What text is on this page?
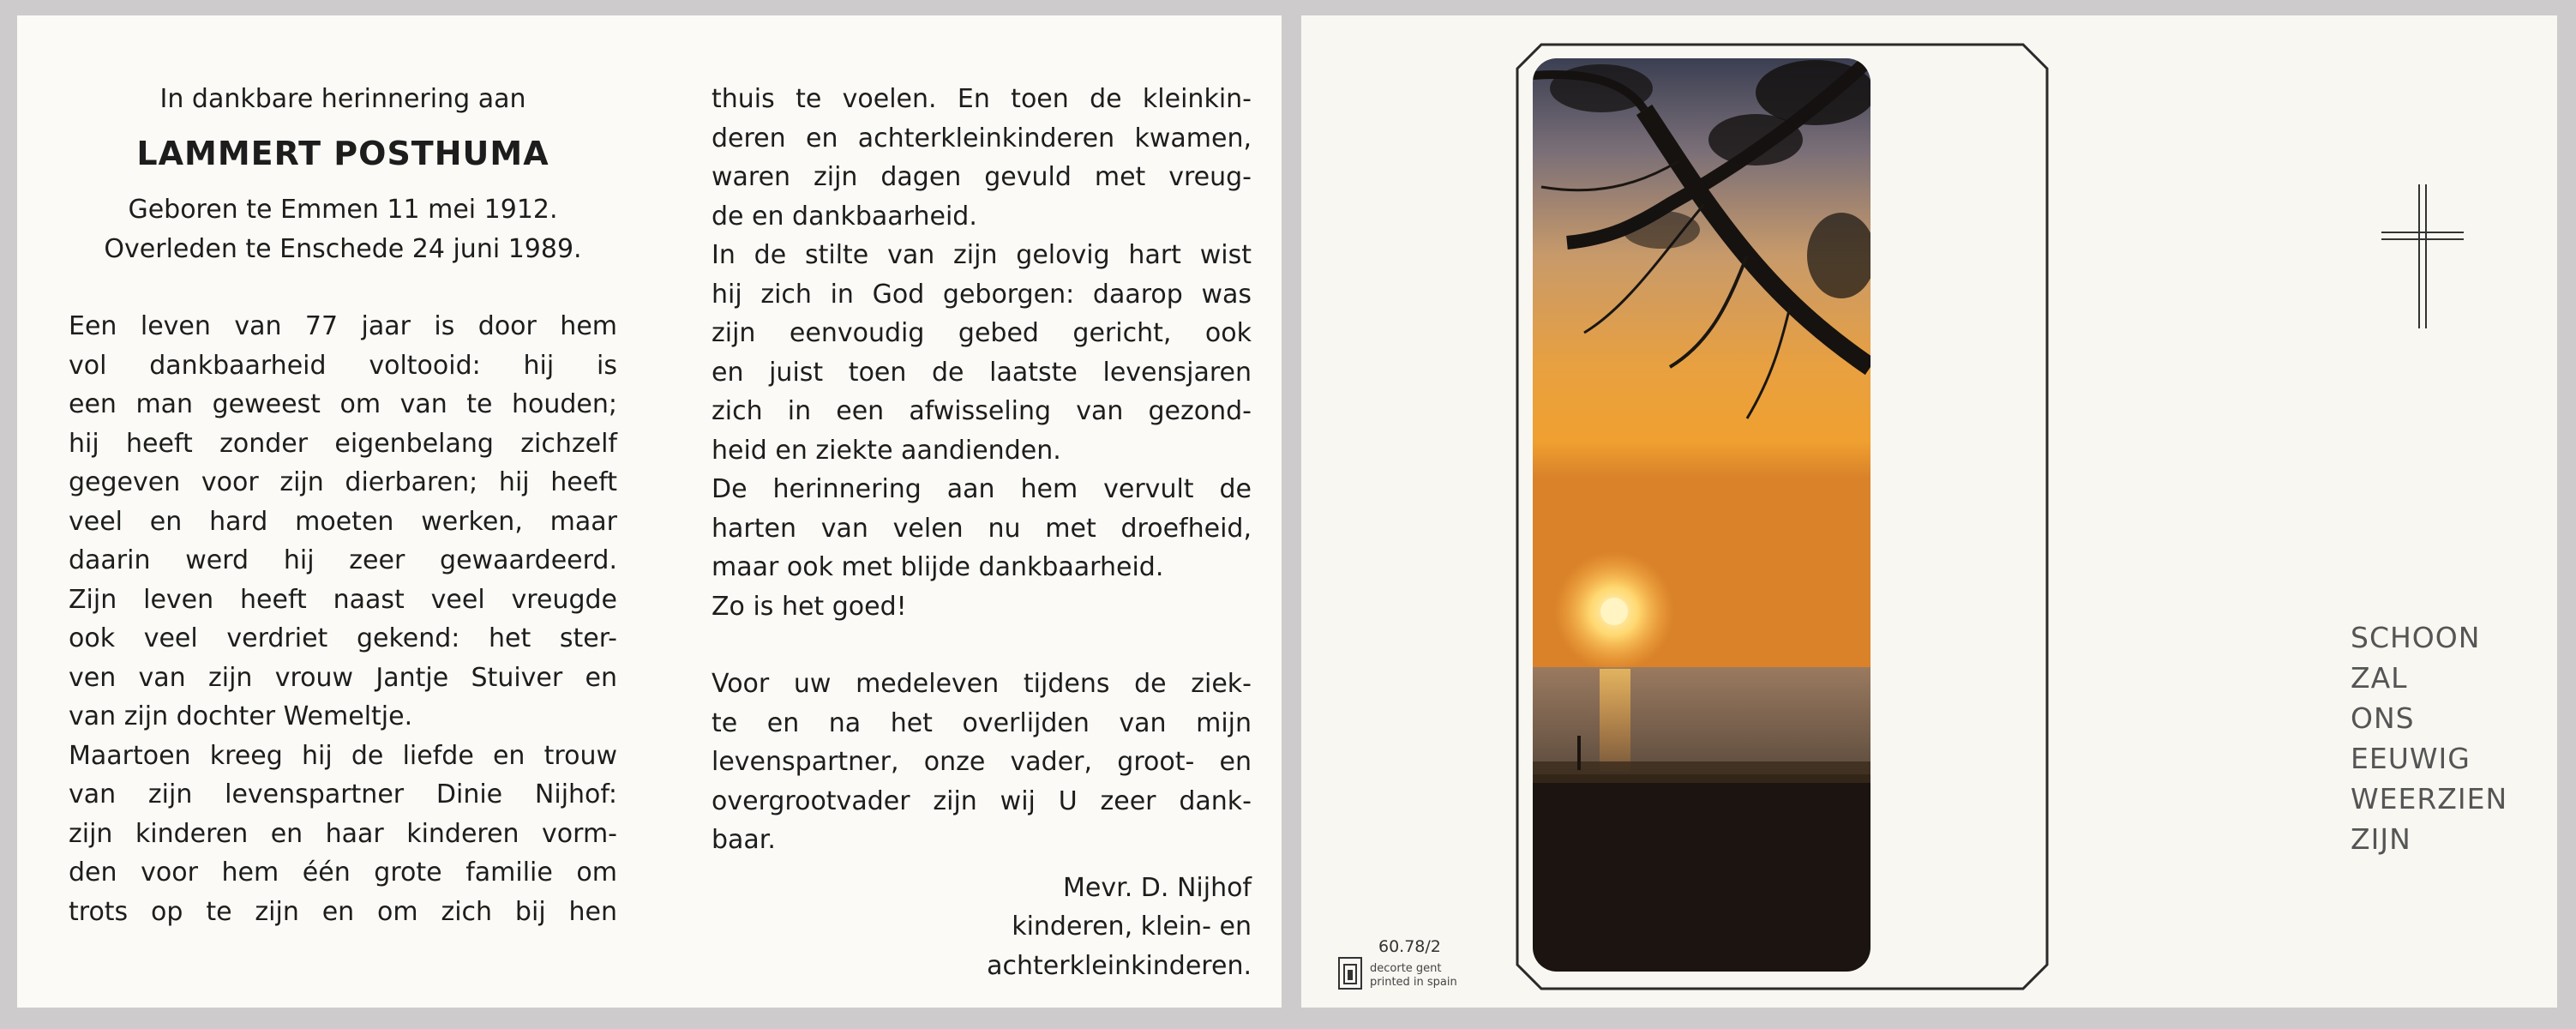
In dankbare herinnering aan
LAMMERT POSTHUMA
Geboren te Emmen 11 mei 1912.
Overleden te Enschede 24 juni 1989.
Een leven van 77 jaar is door hem
vol dankbaarheid voltooid: hij is
een man geweest om van te houden;
hij heeft zonder eigenbelang zichzelf
gegeven voor zijn dierbaren; hij heeft
veel en hard moeten werken, maar
daarin werd hij zeer gewaardeerd.
Zijn leven heeft naast veel vreugde
ook veel verdriet gekend: het ster-
ven van zijn vrouw Jantje Stuiver en
van zijn dochter Wemeltje.
Maartoen kreeg hij de liefde en trouw
van zijn levenspartner Dinie Nijhof:
zijn kinderen en haar kinderen vorm-
den voor hem één grote familie om
trots op te zijn en om zich bij hen
thuis te voelen. En toen de kleinkin-
deren en achterkleinkinderen kwamen,
waren zijn dagen gevuld met vreug-
de en dankbaarheid.
In de stilte van zijn gelovig hart wist
hij zich in God geborgen: daarop was
zijn eenvoudig gebed gericht, ook
en juist toen de laatste levensjaren
zich in een afwisseling van gezond-
heid en ziekte aandienden.
De herinnering aan hem vervult de
harten van velen nu met droefheid,
maar ook met blijde dankbaarheid.
Zo is het goed!
Voor uw medeleven tijdens de ziek-
te en na het overlijden van mijn
levenspartner, onze vader, groot- en
overgrootvader zijn wij U zeer dank-
baar.
Mevr. D. Nijhof
kinderen, klein- en
achterkleinkinderen.
SCHOON
ZAL
ONS
EEUWIG
WEERZIEN
ZIJN
60.78/2
decorte gent
printed in spain
